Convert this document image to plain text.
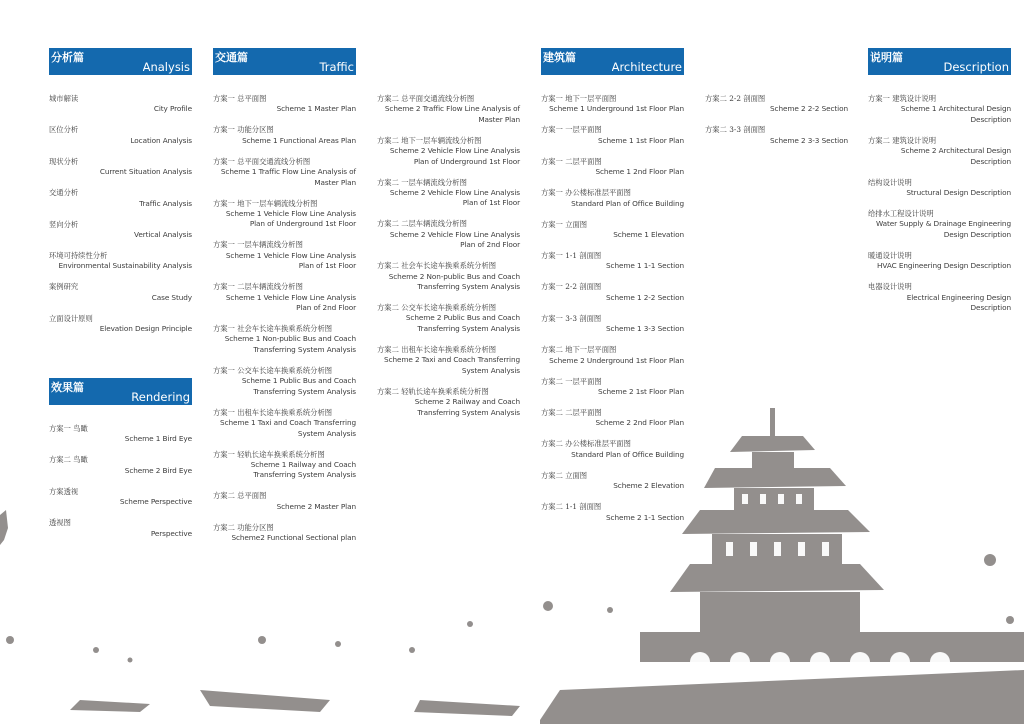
分析篇
Analysis
交通篇
Traffic
建筑篇
Architecture
说明篇
Description
效果篇
Rendering
城市解读
City Profile
区位分析
Location Analysis
现状分析
Current Situation Analysis
交通分析
Traffic Analysis
竖向分析
Vertical Analysis
环境可持续性分析
Environmental Sustainability Analysis
案例研究
Case Study
立面设计原则
Elevation Design Principle
方案一 鸟瞰
Scheme 1 Bird Eye
方案二 鸟瞰
Scheme 2 Bird Eye
方案透视
Scheme Perspective
透视图
Perspective
方案一 总平面图
Scheme 1 Master Plan
方案一 功能分区图
Scheme 1 Functional Areas Plan
方案一 总平面交通流线分析图
Scheme 1 Traffic Flow Line Analysis of Master Plan
方案一 地下一层车辆流线分析图
Scheme 1 Vehicle Flow Line Analysis Plan of Underground 1st Floor
方案一 一层车辆流线分析图
Scheme 1 Vehicle Flow Line Analysis Plan of 1st Floor
方案一 二层车辆流线分析图
Scheme 1 Vehicle Flow Line Analysis Plan of 2nd Floor
方案一 社会车长途车换乘系统分析图
Scheme 1 Non-public Bus and Coach Transferring System Analysis
方案一 公交车长途车换乘系统分析图
Scheme 1 Public Bus and Coach Transferring System Analysis
方案一 出租车长途车换乘系统分析图
Scheme 1 Taxi and Coach Transferring System Analysis
方案一 轻轨长途车换乘系统分析图
Scheme 1 Railway and Coach Transferring System Analysis
方案二 总平面图
Scheme 2 Master Plan
方案二 功能分区图
Scheme2 Functional Sectional plan
方案二 总平面交通流线分析图
Scheme 2 Traffic Flow Line Analysis of Master Plan
方案二 地下一层车辆流线分析图
Scheme 2 Vehicle Flow Line Analysis Plan of Underground 1st Floor
方案二 一层车辆流线分析图
Scheme 2 Vehicle Flow Line Analysis Plan of 1st Floor
方案二 二层车辆流线分析图
Scheme 2 Vehicle Flow Line Analysis Plan of 2nd Floor
方案二 社会车长途车换乘系统分析图
Scheme 2 Non-public Bus and Coach Transferring System Analysis
方案二 公交车长途车换乘系统分析图
Scheme 2 Public Bus and Coach Transferring System Analysis
方案二 出租车长途车换乘系统分析图
Scheme 2 Taxi and Coach Transferring System Analysis
方案二 轻轨长途车换乘系统分析图
Scheme 2 Railway and Coach Transferring System Analysis
方案一 地下一层平面图
Scheme 1 Underground 1st Floor Plan
方案一 一层平面图
Scheme 1 1st Floor Plan
方案一 二层平面图
Scheme 1 2nd Floor Plan
方案一 办公楼标准层平面图
Standard Plan of Office Building
方案一 立面图
Scheme 1 Elevation
方案一 1-1 剖面图
Scheme 1 1-1 Section
方案一 2-2 剖面图
Scheme 1 2-2 Section
方案一 3-3 剖面图
Scheme 1 3-3 Section
方案二 地下一层平面图
Scheme 2 Underground 1st Floor Plan
方案二 一层平面图
Scheme 2 1st Floor Plan
方案二 二层平面图
Scheme 2 2nd Floor Plan
方案二 办公楼标准层平面图
Standard Plan of Office Building
方案二 立面图
Scheme 2 Elevation
方案二 1-1 剖面图
Scheme 2 1-1 Section
方案二 2-2 剖面图
Scheme 2 2-2 Section
方案二 3-3 剖面图
Scheme 2 3-3 Section
方案一 建筑设计说明
Scheme 1 Architectural Design Description
方案二 建筑设计说明
Scheme 2 Architectural Design Description
结构设计说明
Structural Design Description
给排水工程设计说明
Water Supply & Drainage Engineering Design Description
暖通设计说明
HVAC Engineering Design Description
电器设计说明
Electrical Engineering Design Description
